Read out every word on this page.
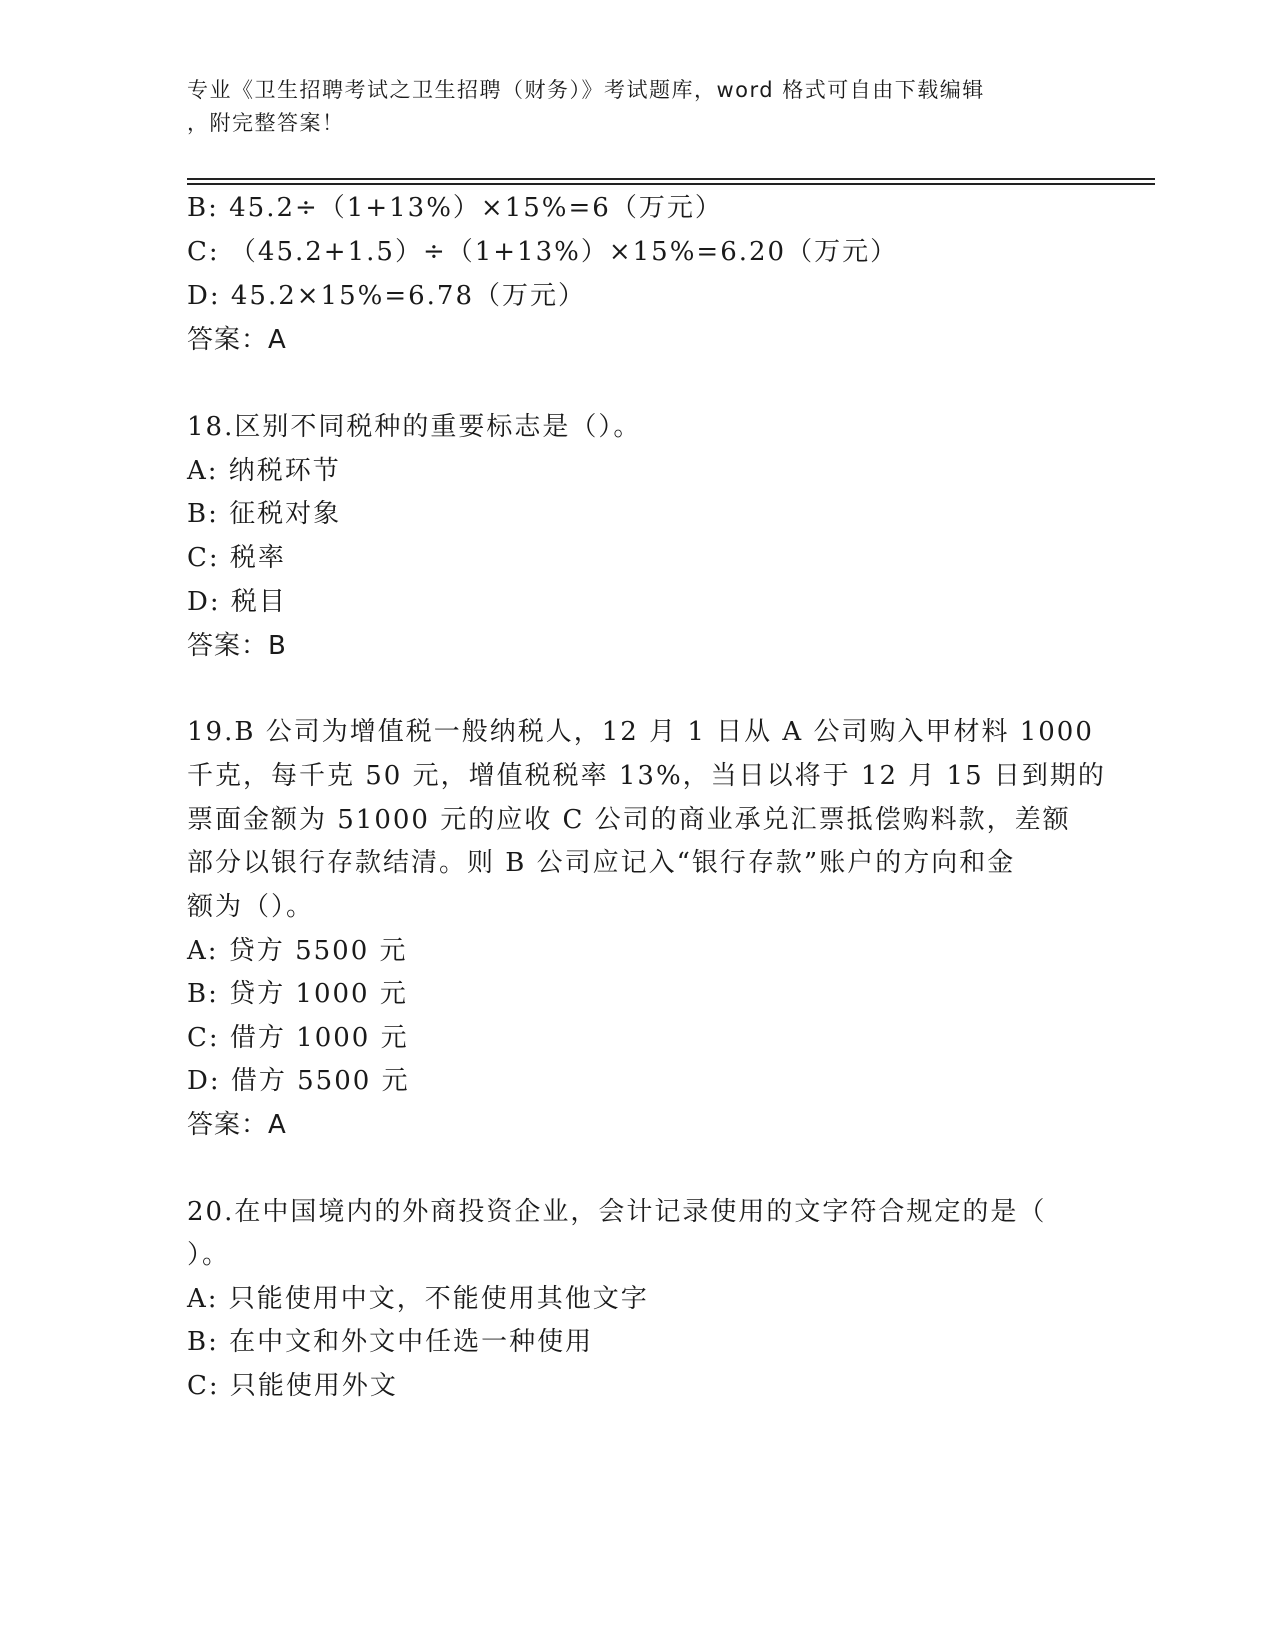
专业《卫生招聘考试之卫生招聘（财务）》考试题库，word 格式可自由下载编辑
，附完整答案！
B: 45.2÷（1+13%）×15%=6（万元）
C: （45.2+1.5）÷（1+13%）×15%=6.20（万元）
D: 45.2×15%=6.78（万元）
答案：A
18.区别不同税种的重要标志是（）。
A: 纳税环节
B: 征税对象
C: 税率
D: 税目
答案：B
19.B 公司为增值税一般纳税人，12 月 1 日从 A 公司购入甲材料 1000
千克，每千克 50 元，增值税税率 13%，当日以将于 12 月 15 日到期的
票面金额为 51000 元的应收 C 公司的商业承兑汇票抵偿购料款，差额
部分以银行存款结清。则 B 公司应记入“银行存款”账户的方向和金
额为（）。
A: 贷方 5500 元
B: 贷方 1000 元
C: 借方 1000 元
D: 借方 5500 元
答案：A
20.在中国境内的外商投资企业，会计记录使用的文字符合规定的是（
）。
A: 只能使用中文，不能使用其他文字
B: 在中文和外文中任选一种使用
C: 只能使用外文
